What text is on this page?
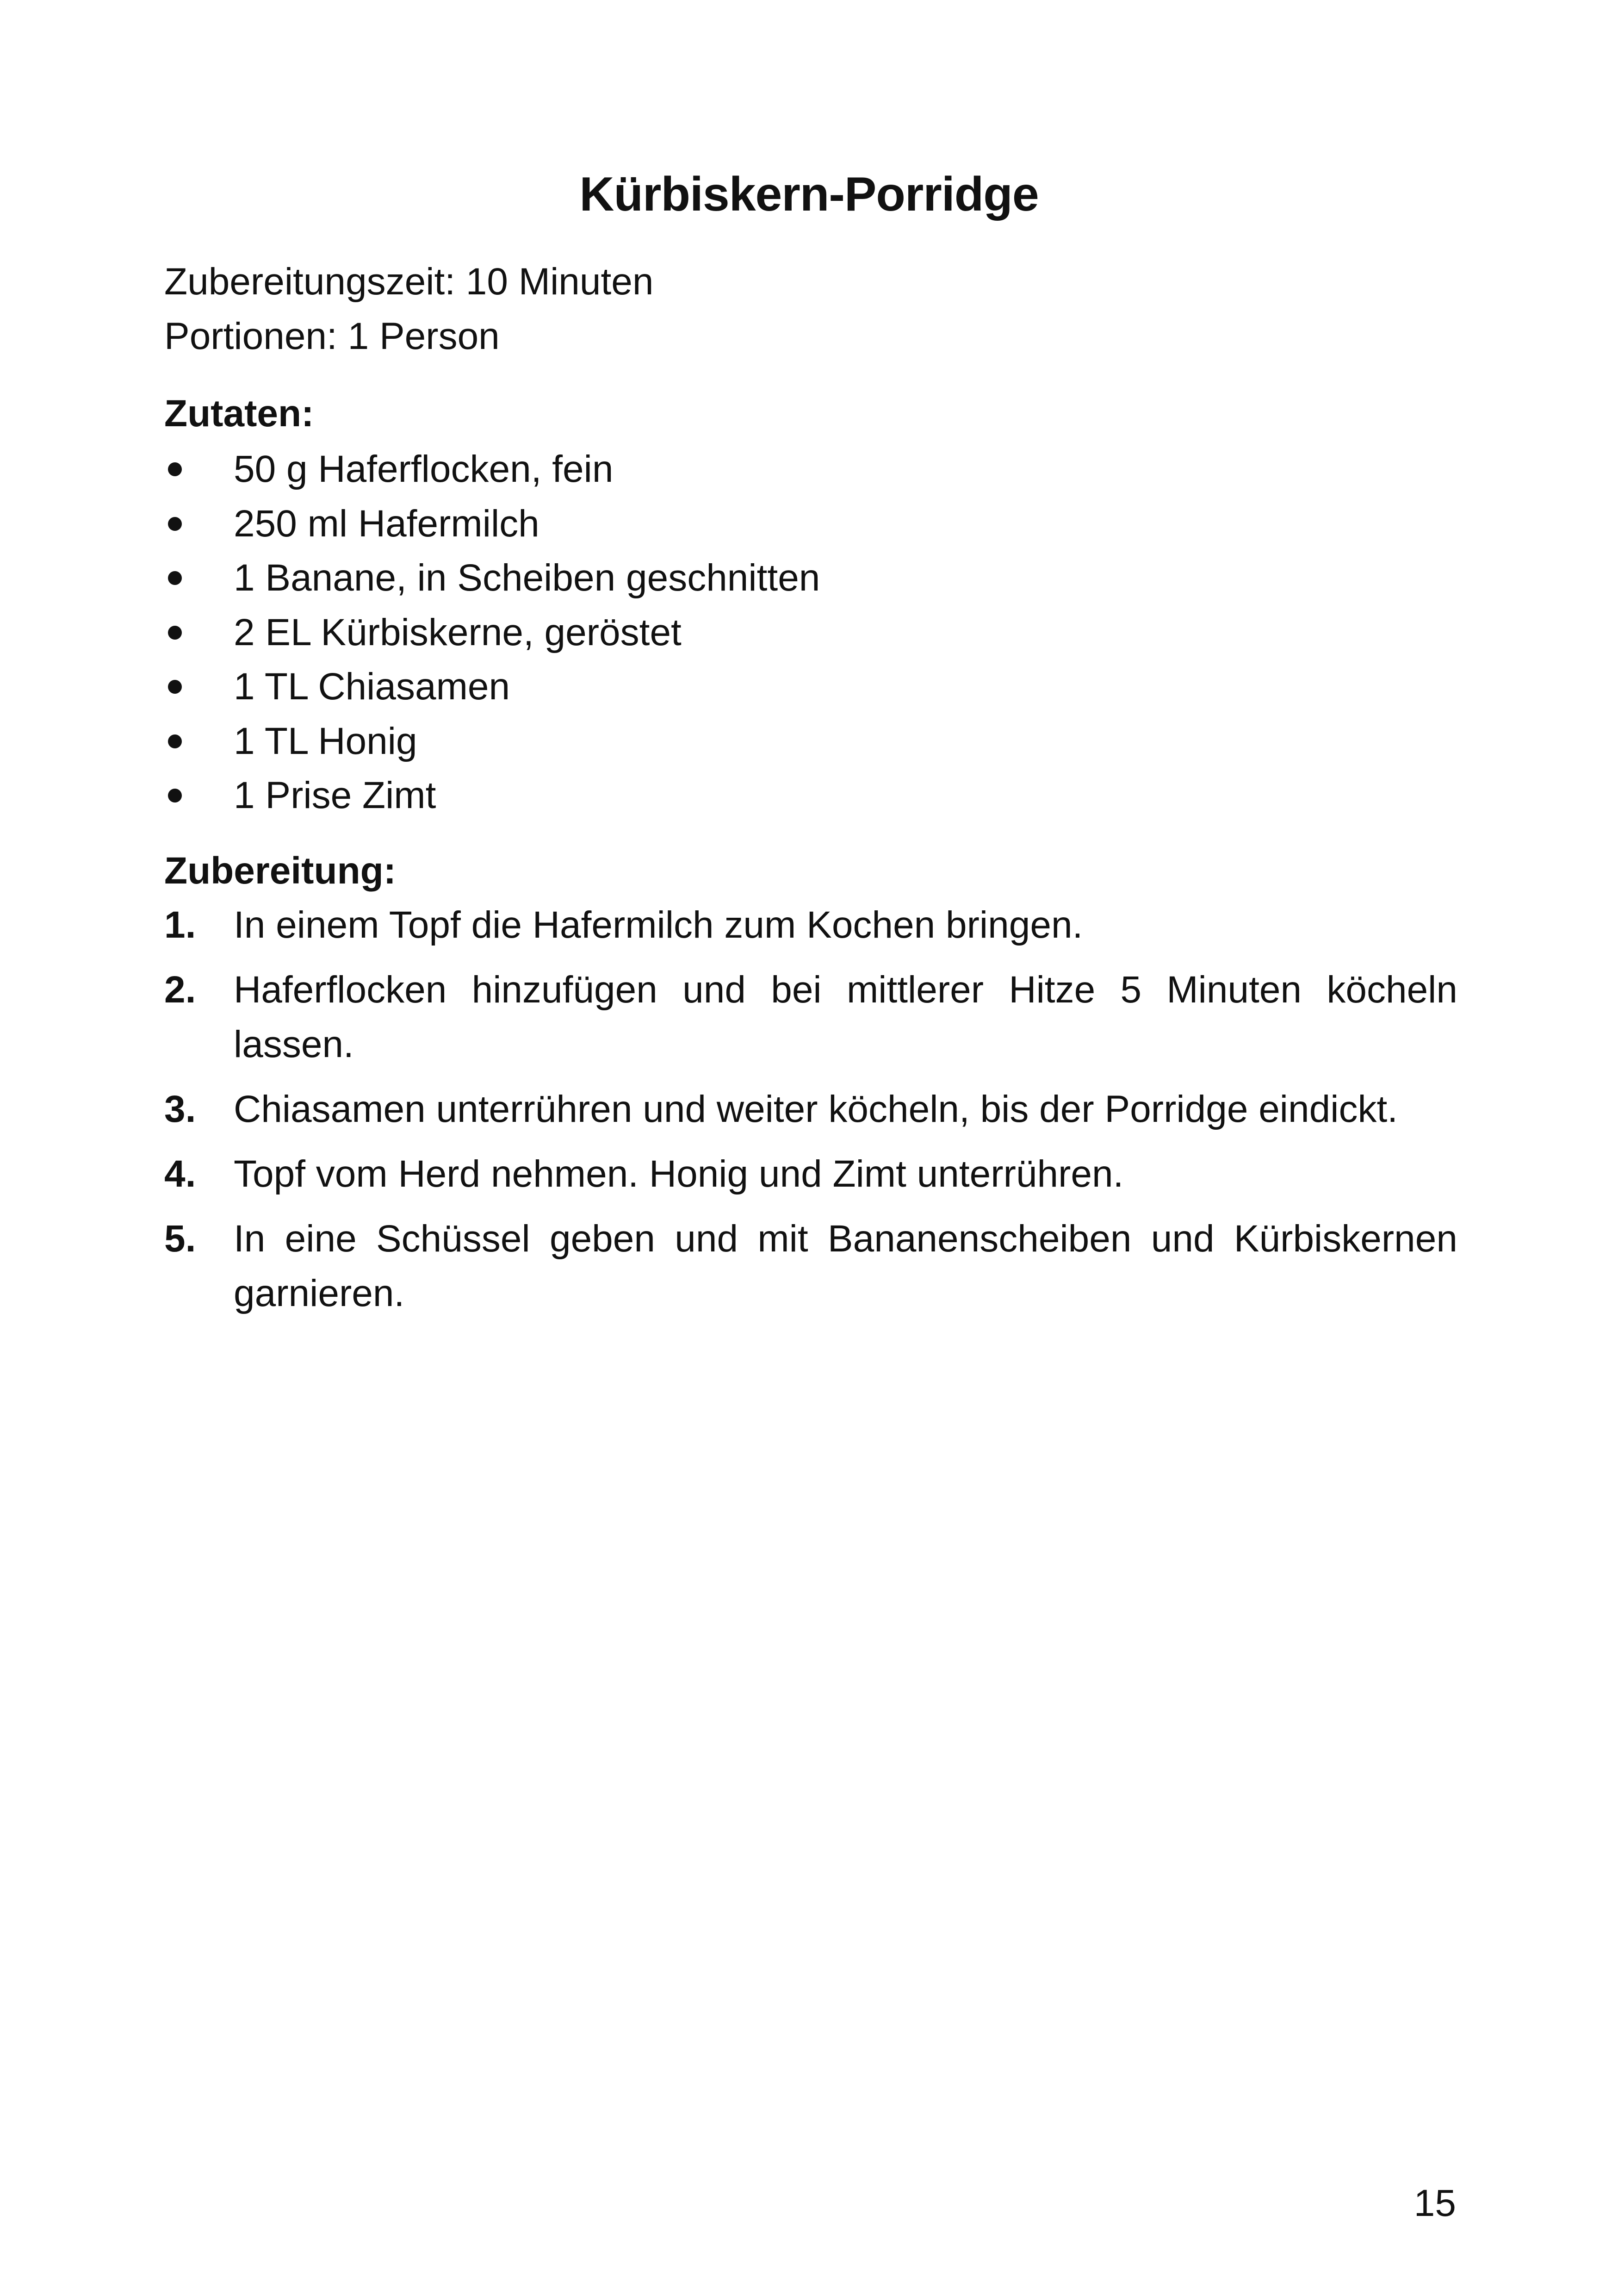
Kürbiskern-Porridge
Zubereitungszeit: 10 Minuten
Portionen: 1 Person
Zutaten:
50 g Haferflocken, fein
250 ml Hafermilch
1 Banane, in Scheiben geschnitten
2 EL Kürbiskerne, geröstet
1 TL Chiasamen
1 TL Honig
1 Prise Zimt
Zubereitung:
1. In einem Topf die Hafermilch zum Kochen bringen.
2. Haferflocken hinzufügen und bei mittlerer Hitze 5 Minuten köcheln lassen.
3. Chiasamen unterrühren und weiter köcheln, bis der Porridge eindickt.
4. Topf vom Herd nehmen. Honig und Zimt unterrühren.
5. In eine Schüssel geben und mit Bananenscheiben und Kürbiskernen garnieren.
15
